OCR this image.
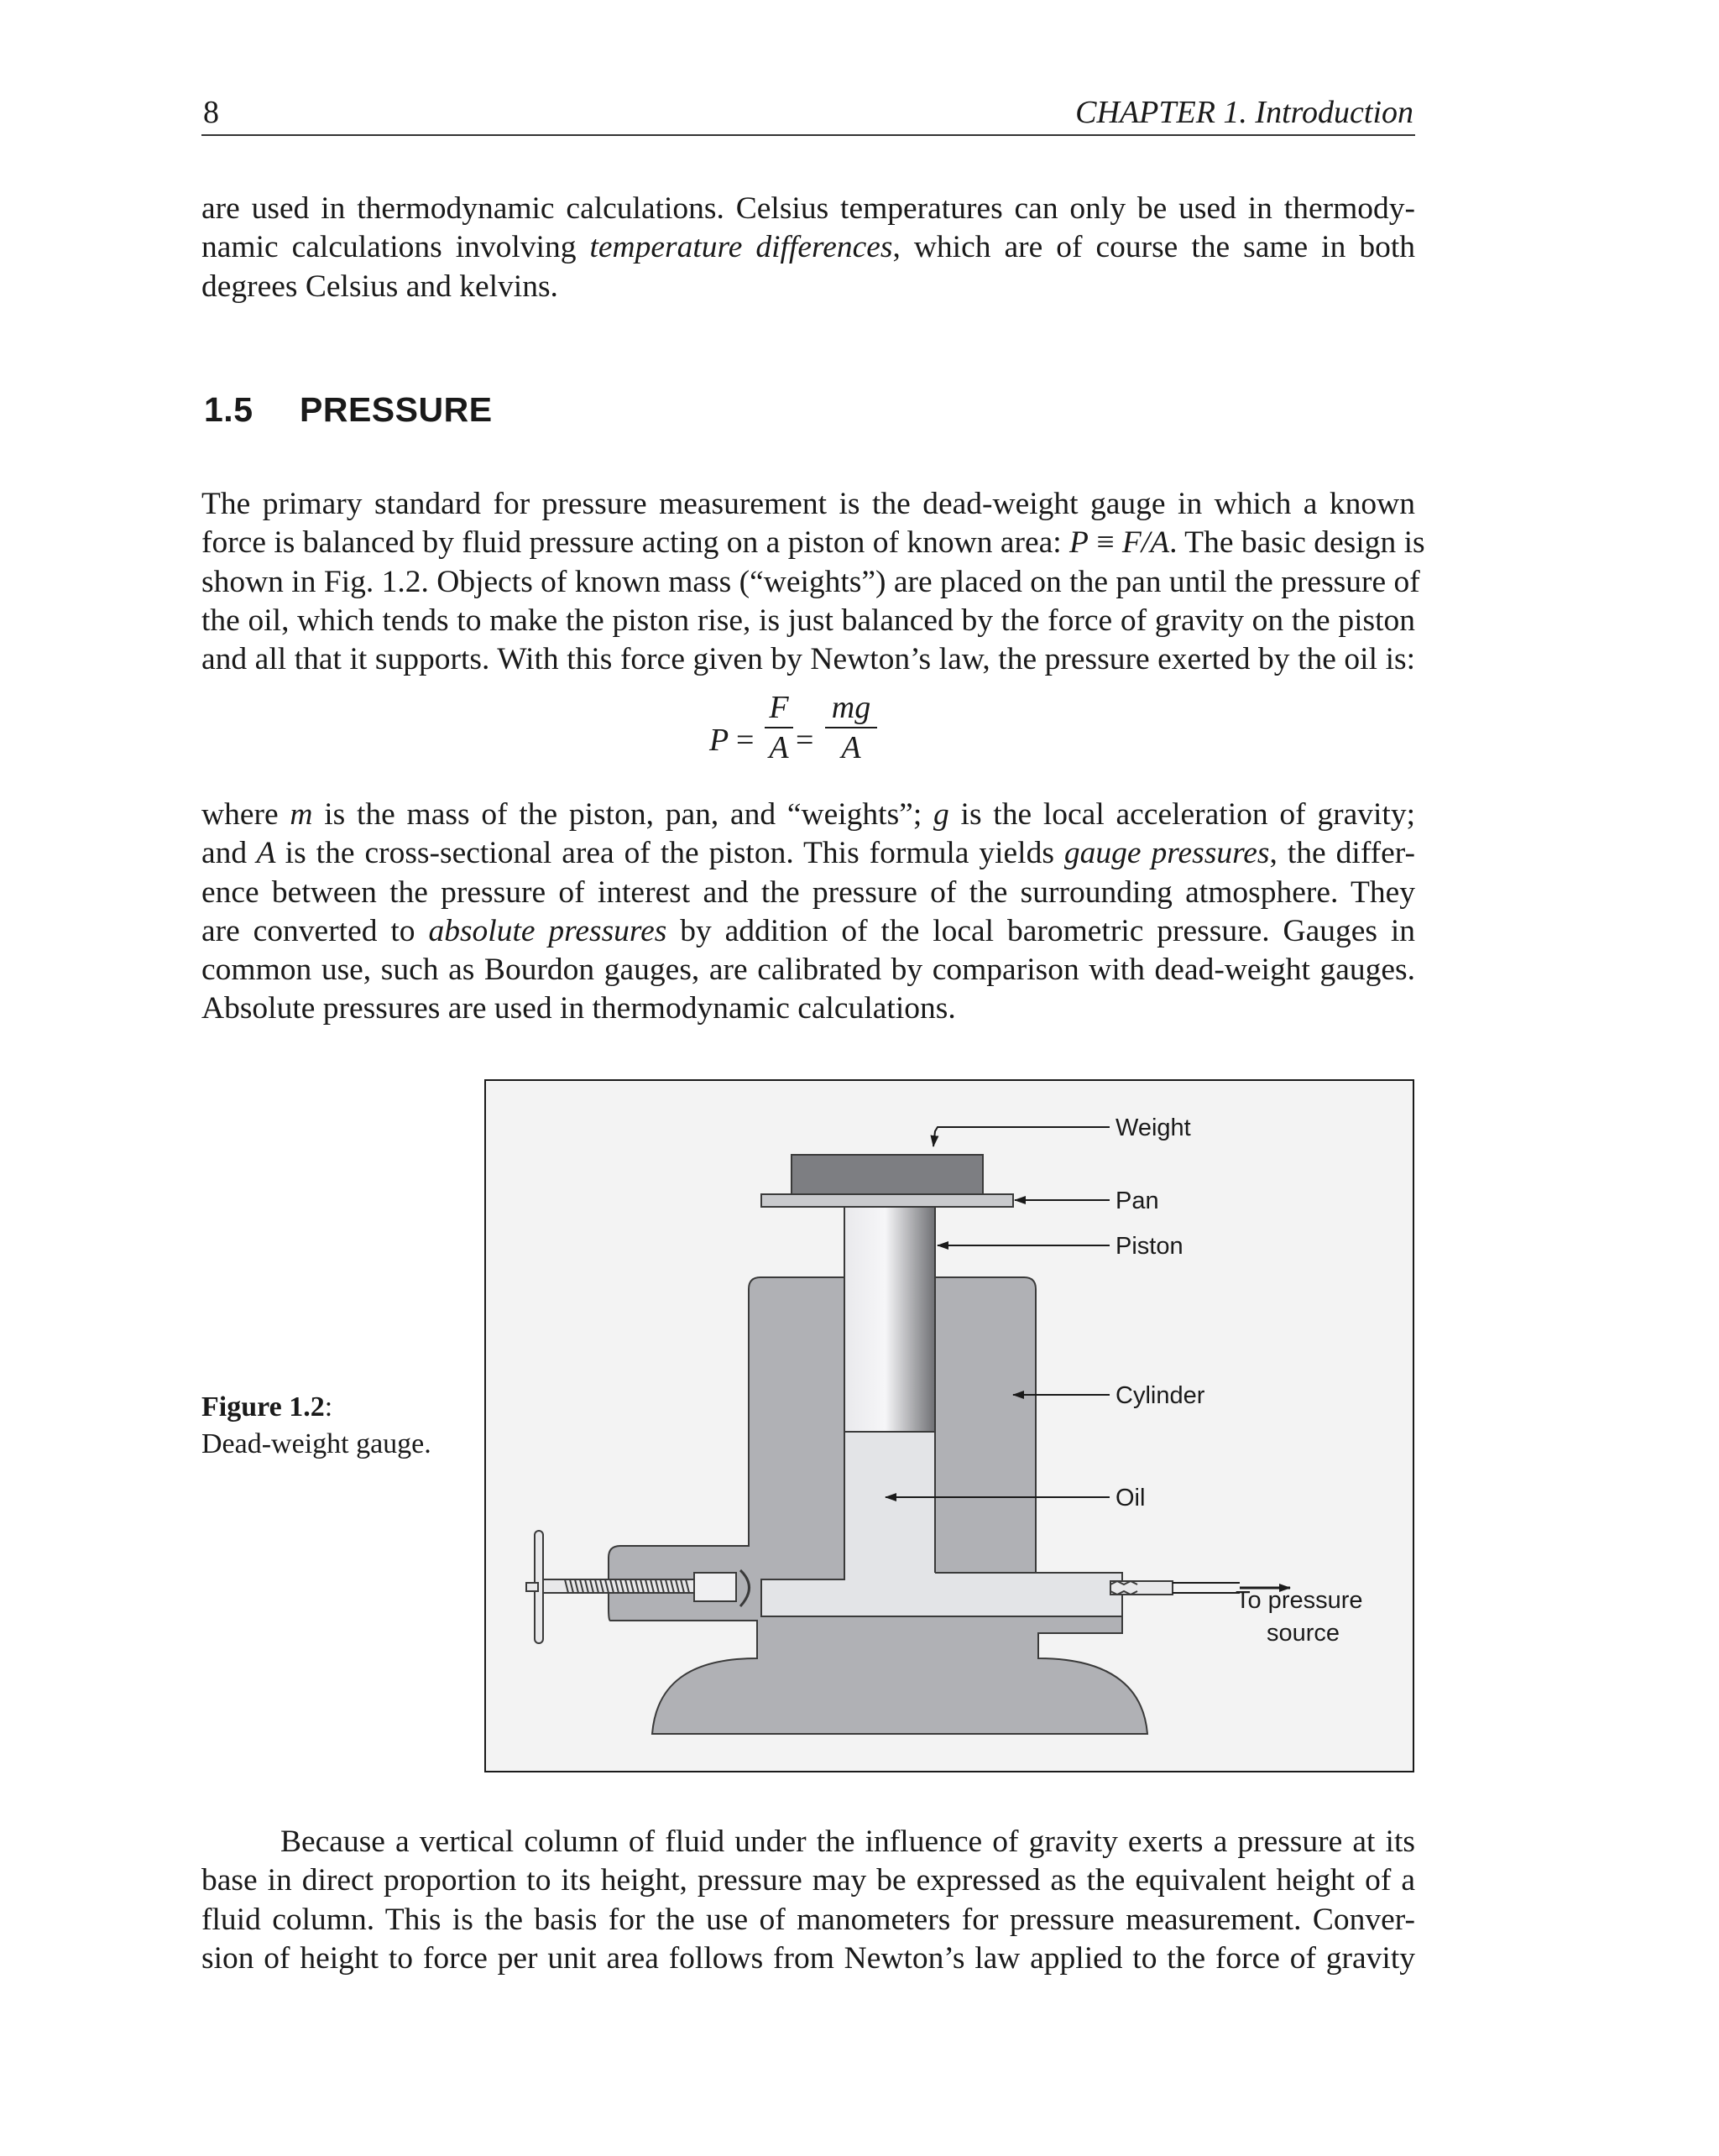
8	CHAPTER 1. Introduction
are used in thermodynamic calculations. Celsius temperatures can only be used in thermody-
namic calculations involving temperature differences, which are of course the same in both
degrees Celsius and kelvins.
1.5 PRESSURE
The primary standard for pressure measurement is the dead-weight gauge in which a known
force is balanced by fluid pressure acting on a piston of known area: P ≡ F/A. The basic design is
shown in Fig. 1.2. Objects of known mass (“weights”) are placed on the pan until the pressure of
the oil, which tends to make the piston rise, is just balanced by the force of gravity on the piston
and all that it supports. With this force given by Newton’s law, the pressure exerted by the oil is:
P =
F
A =
mg
A
where m is the mass of the piston, pan, and “weights”; g is the local acceleration of gravity;
and A is the cross-sectional area of the piston. This formula yields gauge pressures, the differ-
ence between the pressure of interest and the pressure of the surrounding atmosphere. They
are converted to absolute pressures by addition of the local barometric pressure. Gauges in
common use, such as Bourdon gauges, are calibrated by comparison with dead-weight gauges.
Absolute pressures are used in thermodynamic calculations.
Figure 1.2:
Dead-weight gauge.
Weight
Pan
Piston
Cylinder
Oil
To pressure
source
Because a vertical column of fluid under the influence of gravity exerts a pressure at its
base in direct proportion to its height, pressure may be expressed as the equivalent height of a
fluid column. This is the basis for the use of manometers for pressure measurement. Conver-
sion of height to force per unit area follows from Newton’s law applied to the force of gravity
